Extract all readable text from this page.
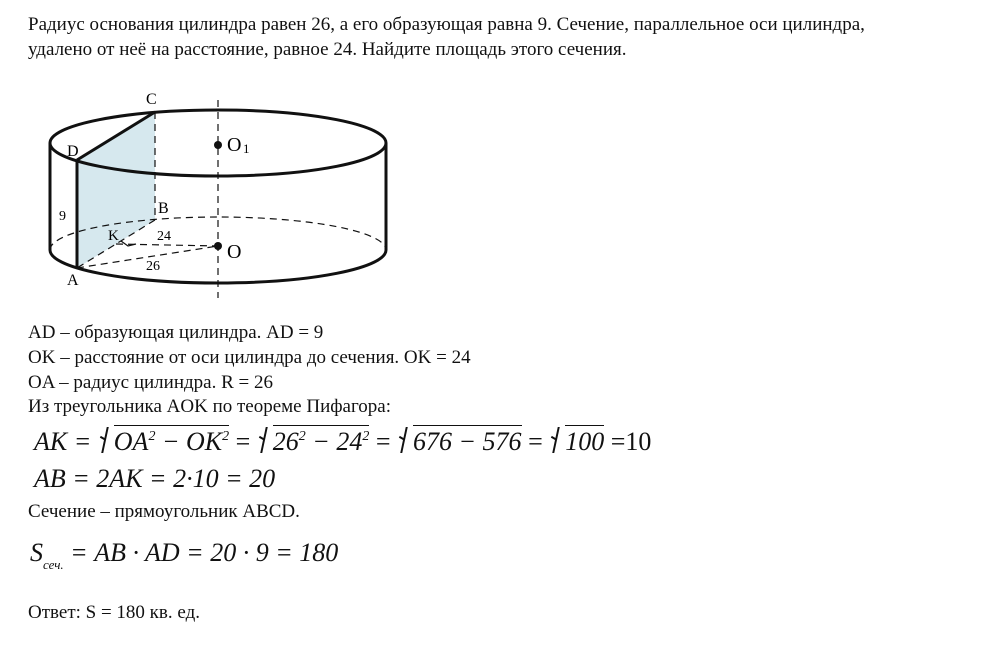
Радиус основания цилиндра равен 26, а его образующая равна 9. Сечение, параллельное оси цилиндра,
удалено от неё на расстояние, равное 24. Найдите площадь этого сечения.
C
D
B
K
A
9
24
26
O 1
O
AD – образующая цилиндра. AD = 9
OK – расстояние от оси цилиндра до сечения. OK = 24
OA – радиус цилиндра. R = 26
Из треугольника AOK по теореме Пифагора:
AK = $OA^2 - OK^2 = 26^2 - 24^2 = 676 - 576 = 100 =10$
AB = 2AK = 2·10 = 20
Сечение – прямоугольник ABCD.
$S_{сеч.}$ = AB · AD = 20 · 9 = 180
Ответ: S = 180 кв. ед.
